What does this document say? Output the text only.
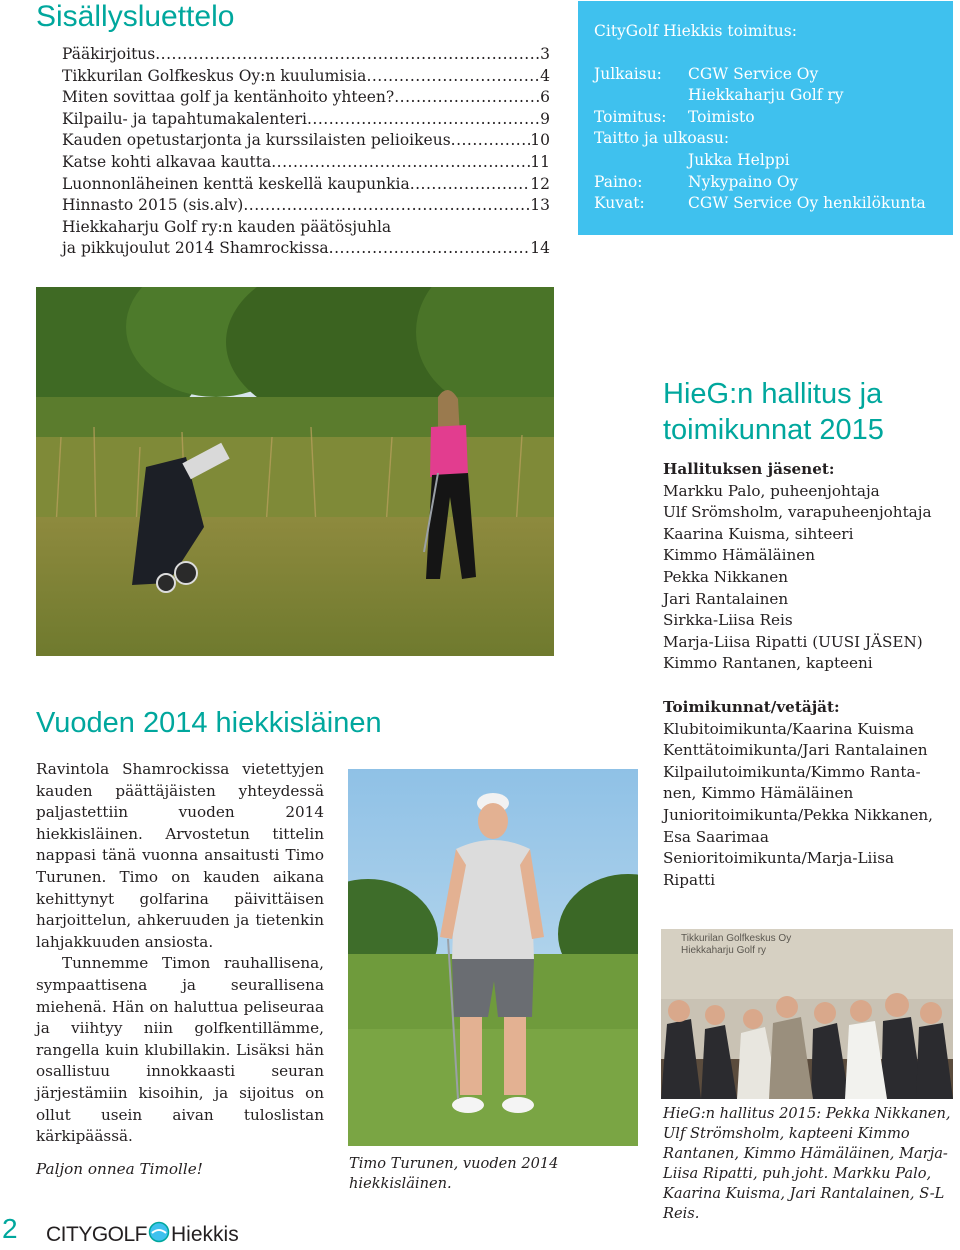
Sisällysluettelo
Pääkirjoitus .....	3
Tikkurilan Golfkeskus Oy:n kuulumisia .....	4
Miten sovittaa golf ja kentänhoito yhteen? .....	6
Kilpailu- ja tapahtumakalenteri .....	9
Kauden opetustarjonta ja kurssilaisten pelioikeus .....	10
Katse kohti alkavaa kautta .....	11
Luonnonläheinen kenttä keskellä kaupunkia .....	12
Hinnasto 2015 (sis.alv) .....	13
Hiekkaharju Golf ry:n kauden päätösjuhla
ja pikkujoulut 2014 Shamrockissa .....	14
CityGolf Hiekkis toimitus:
Julkaisu:	CGW Service Oy
Hiekkaharju Golf ry
Toimitus:	Toimisto
Taitto ja ulkoasu:
Jukka Helppi
Paino:	Nykypaino Oy
Kuvat:	CGW Service Oy henkilökunta
HieG:n hallitus ja
toimikunnat 2015
Hallituksen jäsenet:
Markku Palo, puheenjohtaja
Ulf Srömsholm, varapuheenjohtaja
Kaarina Kuisma, sihteeri
Kimmo Hämäläinen
Pekka Nikkanen
Jari Rantalainen
Sirkka-Liisa Reis
Marja-Liisa Ripatti (UUSI JÄSEN)
Kimmo Rantanen, kapteeni
Toimikunnat/vetäjät:
Klubitoimikunta/Kaarina Kuisma
Kenttätoimikunta/Jari Rantalainen
Kilpailutoimikunta/Kimmo Ranta-
nen, Kimmo Hämäläinen
Junioritoimikunta/Pekka Nikkanen,
Esa Saarimaa
Senioritoimikunta/Marja-Liisa
Ripatti
Tikkurilan Golfkeskus Oy
Hiekkaharju Golf ry
HieG:n hallitus 2015: Pekka Nikkanen, Ulf Strömsholm, kapteeni Kimmo Rantanen, Kimmo Hämäläinen, Marja-Liisa Ripatti, puh.joht. Markku Palo, Kaarina Kuisma, Jari Rantalainen, S-L Reis.
Vuoden 2014 hiekkisläinen

Ravintola Shamrockissa vietettyjen kauden päättäjäisten yhteydessä paljastettiin vuoden 2014 hiekkisläinen. Arvostetun tittelin nappasi tänä vuonna ansaitusti Timo Turunen. Timo on kauden aikana kehittynyt golfarina päivittäisen harjoittelun, ahkeruuden ja tietenkin lahjakkuuden ansiosta.

Tunnemme Timon rauhallisena, sympaattisena ja seurallisena miehenä. Hän on haluttua peliseuraa ja viihtyy niin golfkentillämme, rangella kuin klubillakin. Lisäksi hän osallistuu innokkaasti seuran järjestämiin kisoihin, ja sijoitus on ollut usein aivan tuloslistan kärkipäässä.

Paljon onnea Timolle!	Timo Turunen, vuoden 2014 hiekkisläinen.
2 CITYGOLF Hiekkis
